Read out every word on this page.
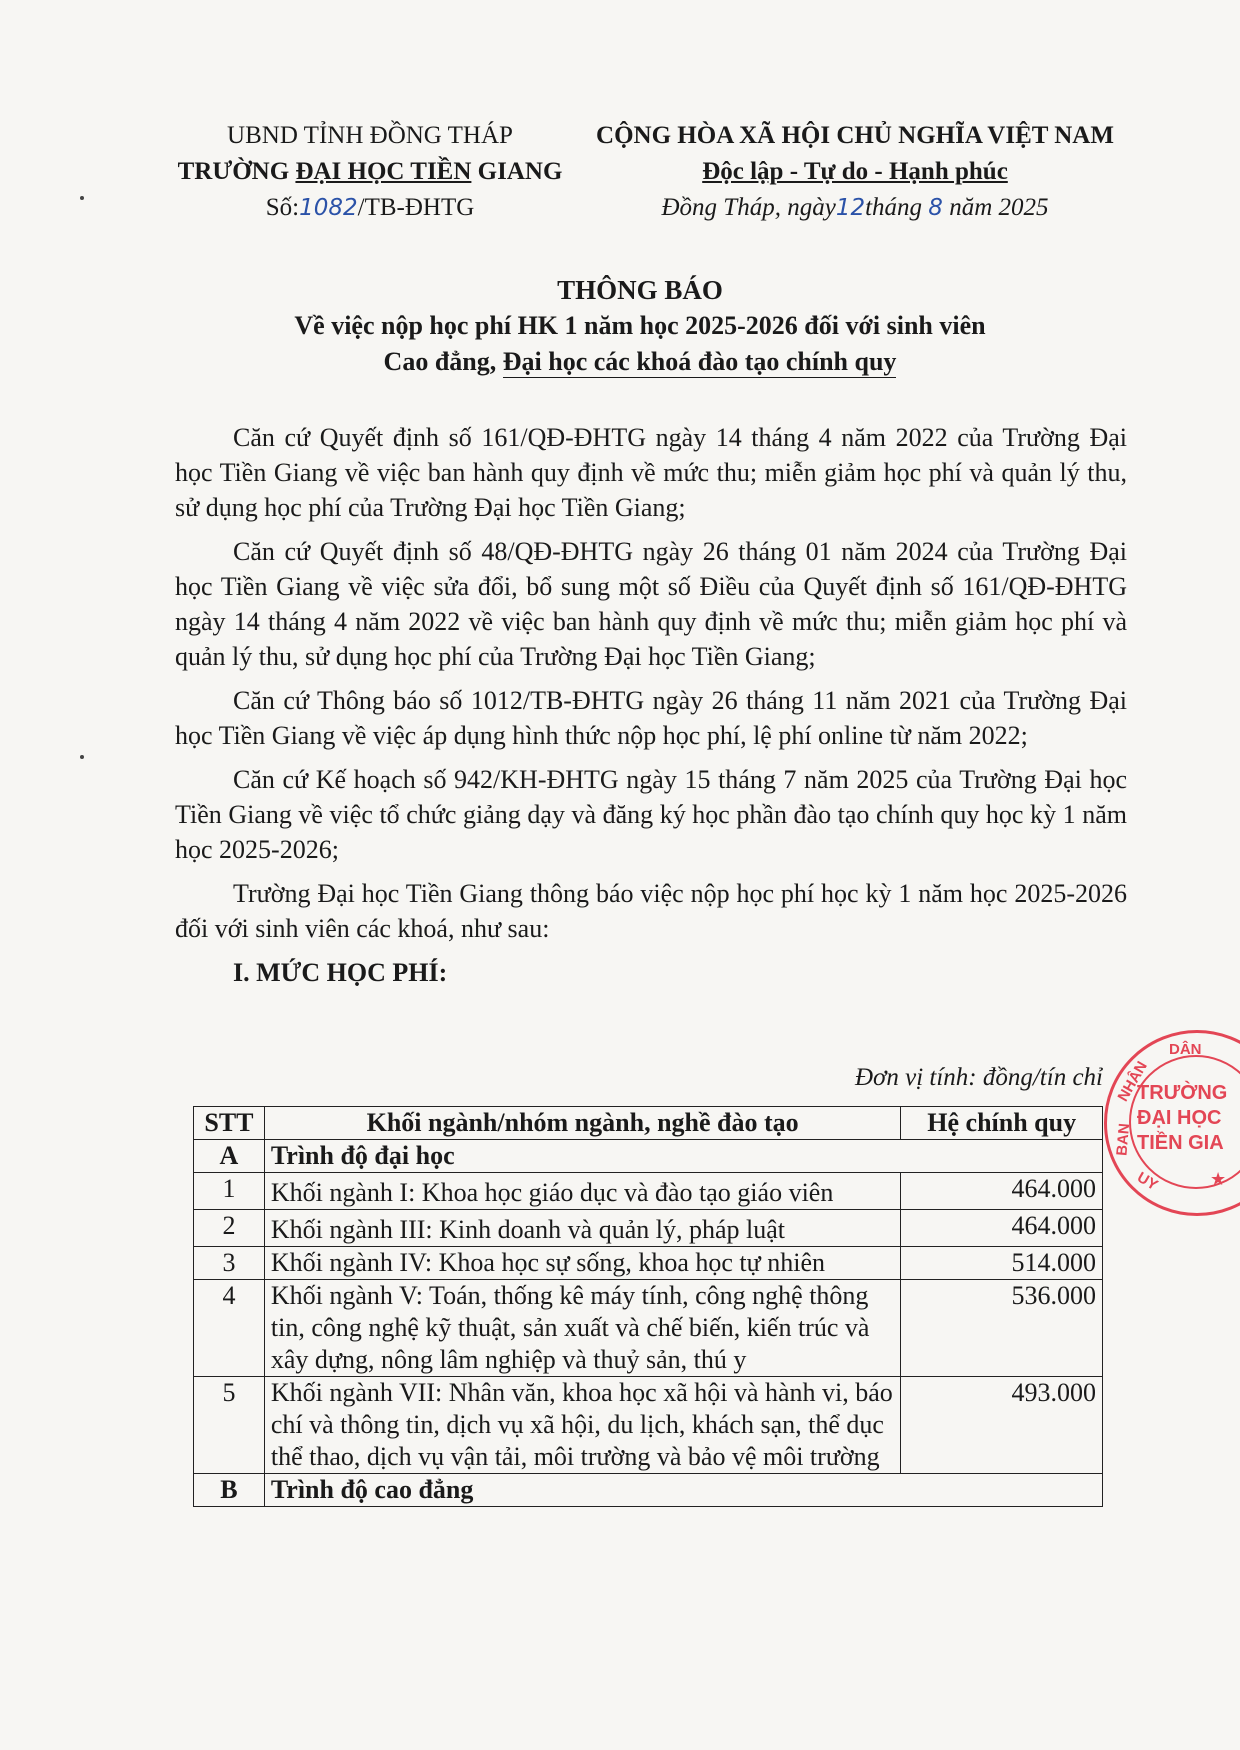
UBND TỈNH ĐỒNG THÁP
TRƯỜNG ĐẠI HỌC TIỀN GIANG
Số:1082/TB-ĐHTG
CỘNG HÒA XÃ HỘI CHỦ NGHĨA VIỆT NAM
Độc lập - Tự do - Hạnh phúc
Đồng Tháp, ngày12tháng 8 năm 2025
THÔNG BÁO
Về việc nộp học phí HK 1 năm học 2025-2026 đối với sinh viên
Cao đẳng, Đại học các khoá đào tạo chính quy

Căn cứ Quyết định số 161/QĐ-ĐHTG ngày 14 tháng 4 năm 2022 của Trường Đại học Tiền Giang về việc ban hành quy định về mức thu; miễn giảm học phí và quản lý thu, sử dụng học phí của Trường Đại học Tiền Giang;

Căn cứ Quyết định số 48/QĐ-ĐHTG ngày 26 tháng 01 năm 2024 của Trường Đại học Tiền Giang về việc sửa đổi, bổ sung một số Điều của Quyết định số 161/QĐ-ĐHTG ngày 14 tháng 4 năm 2022 về việc ban hành quy định về mức thu; miễn giảm học phí và quản lý thu, sử dụng học phí của Trường Đại học Tiền Giang;

Căn cứ Thông báo số 1012/TB-ĐHTG ngày 26 tháng 11 năm 2021 của Trường Đại học Tiền Giang về việc áp dụng hình thức nộp học phí, lệ phí online từ năm 2022;

Căn cứ Kế hoạch số 942/KH-ĐHTG ngày 15 tháng 7 năm 2025 của Trường Đại học Tiền Giang về việc tổ chức giảng dạy và đăng ký học phần đào tạo chính quy học kỳ 1 năm học 2025-2026;

Trường Đại học Tiền Giang thông báo việc nộp học phí học kỳ 1 năm học 2025-2026 đối với sinh viên các khoá, như sau:

I. MỨC HỌC PHÍ:
Đơn vị tính: đồng/tín chỉ
STT	Khối ngành/nhóm ngành, nghề đào tạo	Hệ chính quy
A	Trình độ đại học	
1	Khối ngành I: Khoa học giáo dục và đào tạo giáo viên	464.000
2	Khối ngành III: Kinh doanh và quản lý, pháp luật	464.000
3	Khối ngành IV: Khoa học sự sống, khoa học tự nhiên	514.000
4	Khối ngành V: Toán, thống kê máy tính, công nghệ thông tin, công nghệ kỹ thuật, sản xuất và chế biến, kiến trúc và xây dựng, nông lâm nghiệp và thuỷ sản, thú y	536.000
5	Khối ngành VII: Nhân văn, khoa học xã hội và hành vi, báo chí và thông tin, dịch vụ xã hội, du lịch, khách sạn, thể dục thể thao, dịch vụ vận tải, môi trường và bảo vệ môi trường	493.000
B	Trình độ cao đẳng	
DÂN
NHÂN
BAN
UY
TRƯỜNG
ĐẠI HỌC
TIỀN GIA
★
